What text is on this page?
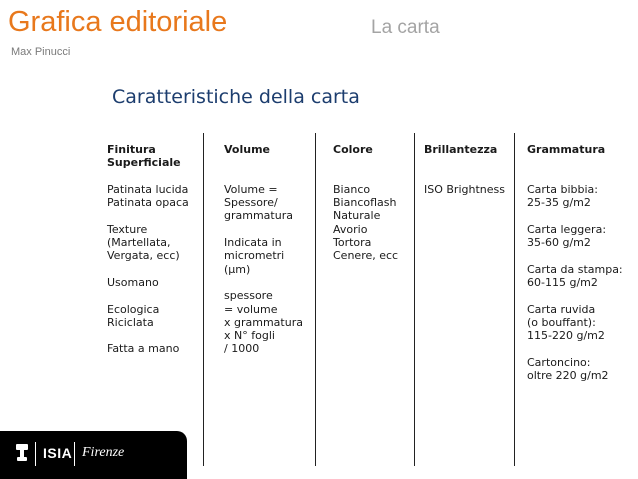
Grafica editoriale	La carta
Max Pinucci
Caratteristiche della carta
Finitura
Superficiale
Patinata lucida
Patinata opaca

Texture
(Martellata,
Vergata, ecc)

Usomano

Ecologica
Riciclata

Fatta a mano
Volume
Volume =
Spessore/
grammatura

Indicata in
micrometri
(µm)

spessore
= volume
x grammatura
x N° fogli
/ 1000
Colore
Bianco
Biancoflash
Naturale
Avorio
Tortora
Cenere, ecc
Brillantezza
ISO Brightness
Grammatura
Carta bibbia:
25-35 g/m2

Carta leggera:
35-60 g/m2

Carta da stampa:
60-115 g/m2

Carta ruvida
(o bouffant):
115-220 g/m2

Cartoncino:
oltre 220 g/m2
ISIA Firenze
